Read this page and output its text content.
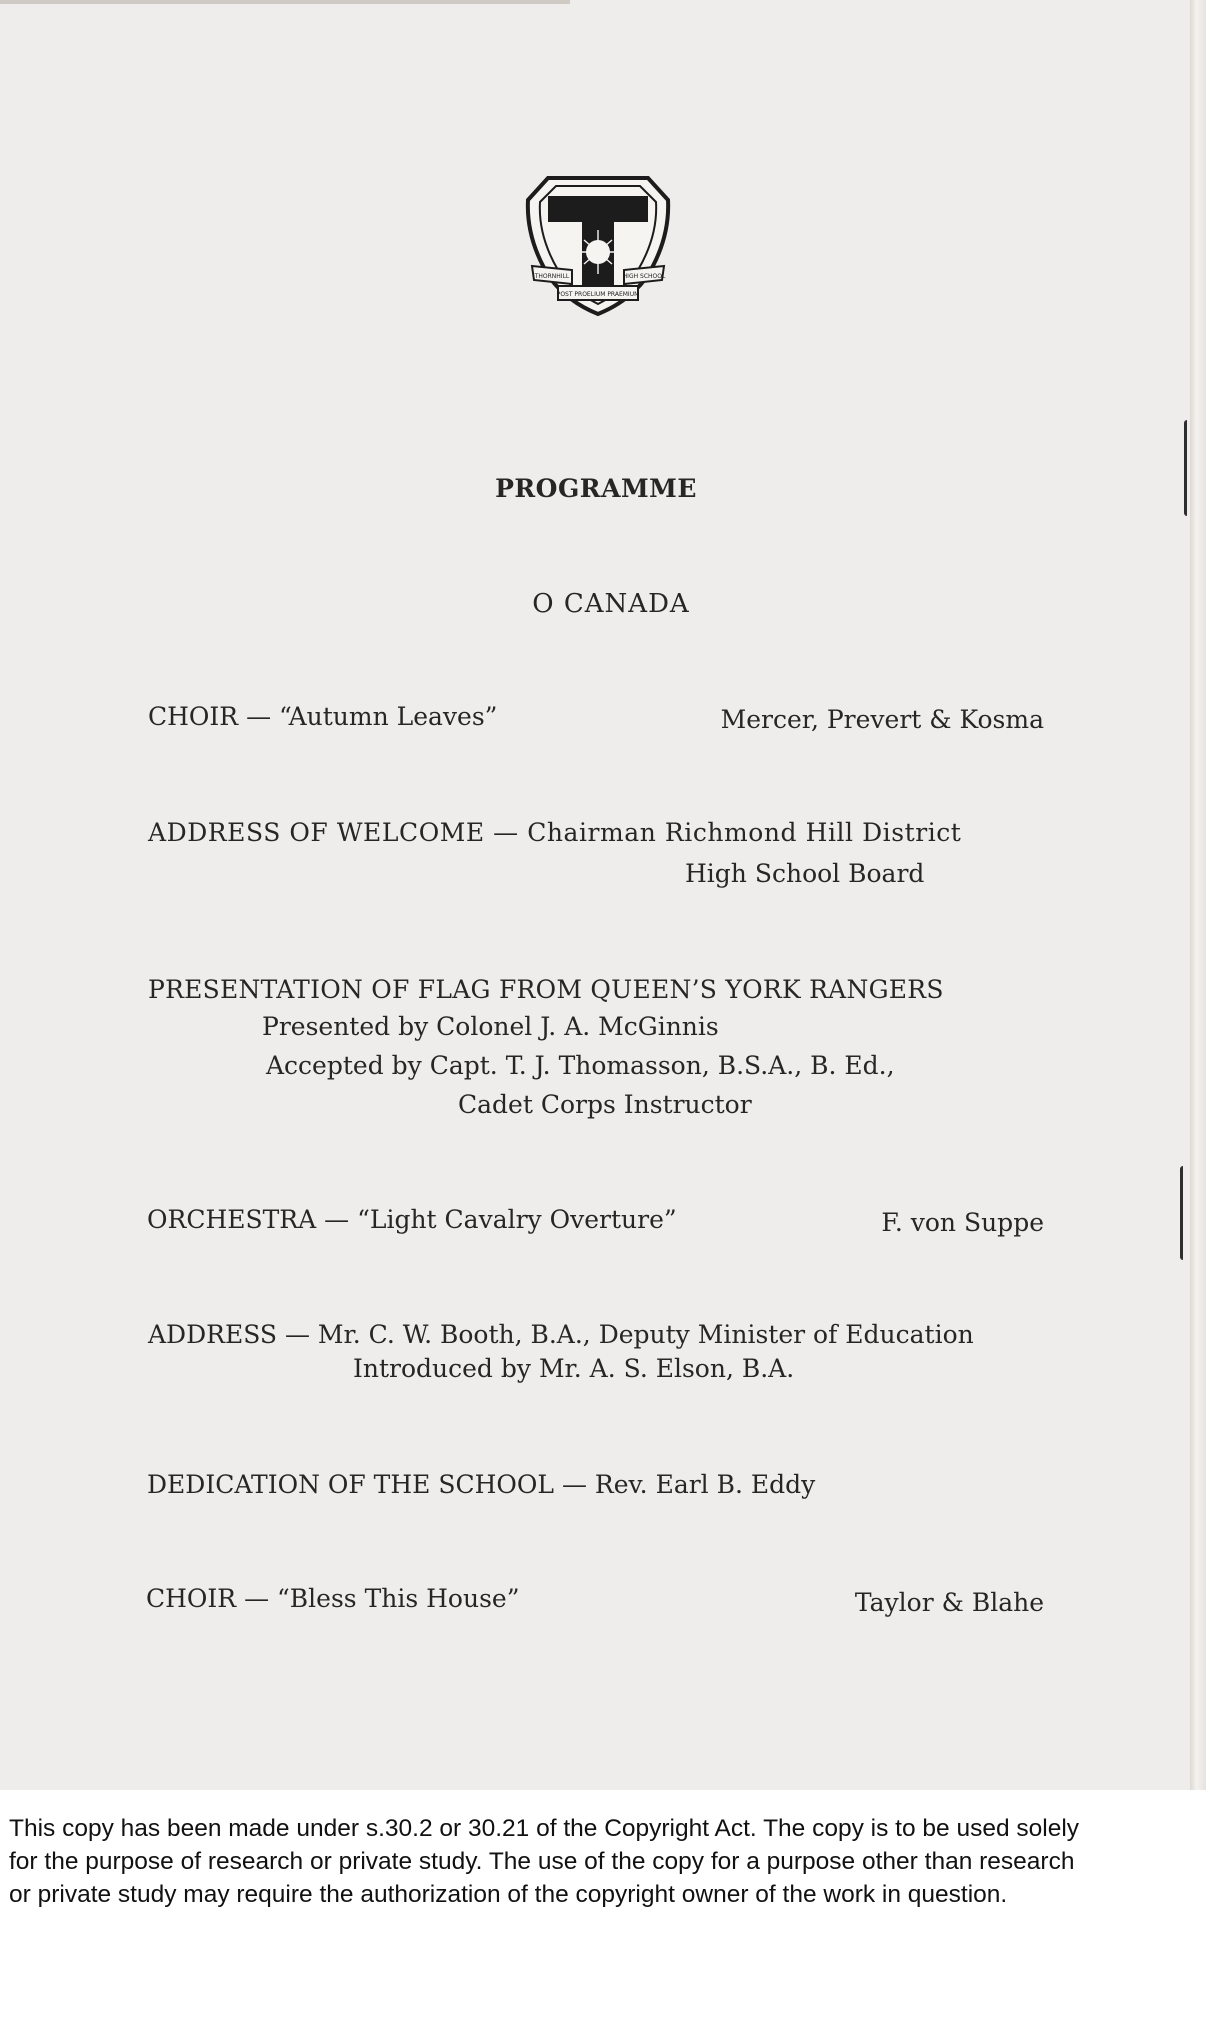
T
THORNHILL	HIGH SCHOOL
POST PROELIUM PRAEMIUM
PROGRAMME
O CANADA
CHOIR — “Autumn Leaves”	Mercer, Prevert & Kosma
ADDRESS OF WELCOME — Chairman Richmond Hill District
High School Board
PRESENTATION OF FLAG FROM QUEEN’S YORK RANGERS
Presented by Colonel J. A. McGinnis
Accepted by Capt. T. J. Thomasson, B.S.A., B. Ed.,
Cadet Corps Instructor
ORCHESTRA — “Light Cavalry Overture”	F. von Suppe
ADDRESS — Mr. C. W. Booth, B.A., Deputy Minister of Education
Introduced by Mr. A. S. Elson, B.A.
DEDICATION OF THE SCHOOL — Rev. Earl B. Eddy
CHOIR — “Bless This House”	Taylor & Blahe
This copy has been made under s.30.2 or 30.21 of the Copyright Act. The copy is to be used solely
for the purpose of research or private study. The use of the copy for a purpose other than research
or private study may require the authorization of the copyright owner of the work in question.
